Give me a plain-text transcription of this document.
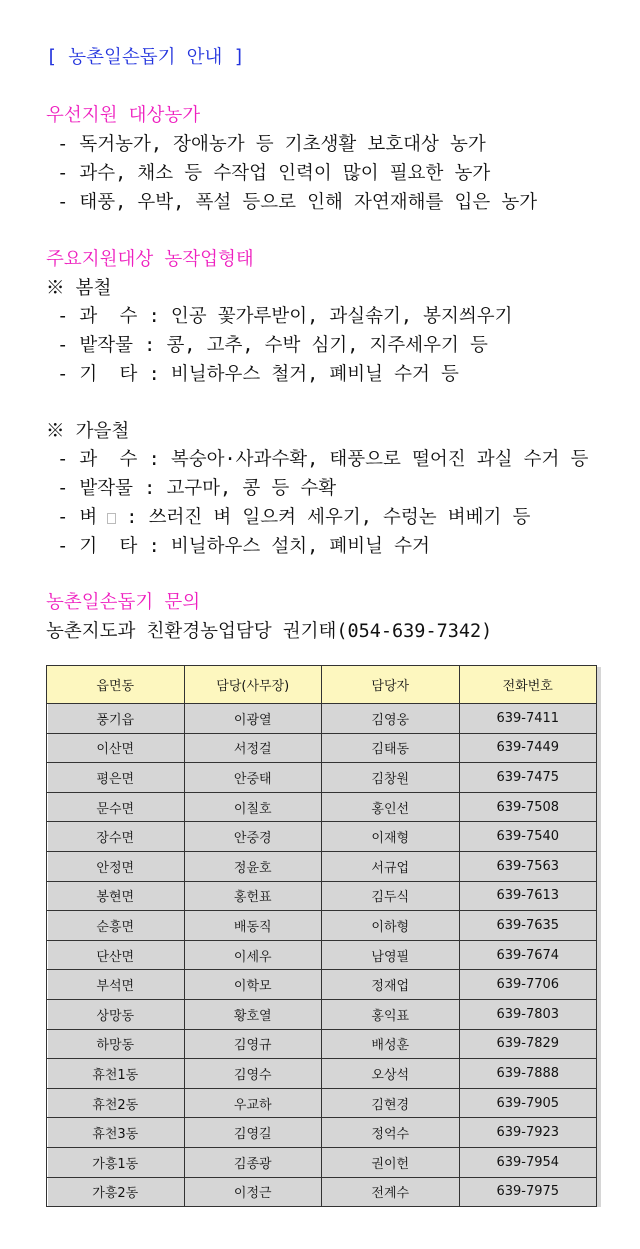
[ 농촌일손돕기 안내 ]
우선지원 대상농가
- 독거농가, 장애농가 등 기초생활 보호대상 농가
- 과수, 채소 등 수작업 인력이 많이 필요한 농가
- 태풍, 우박, 폭설 등으로 인해 자연재해를 입은 농가
주요지원대상 농작업형태
※ 봄철
- 과  수 : 인공 꽃가루받이, 과실솎기, 봉지씌우기
- 밭작물 : 콩, 고추, 수박 심기, 지주세우기 등
- 기  타 : 비닐하우스 철거, 폐비닐 수거 등
※ 가을철
- 과  수 : 복숭아·사과수확, 태풍으로 떨어진 과실 수거 등
- 밭작물 : 고구마, 콩 등 수확
- 벼 : 쓰러진 벼 일으켜 세우기, 수렁논 벼베기 등
- 기  타 : 비닐하우스 설치, 폐비닐 수거
농촌일손돕기 문의
농촌지도과 친환경농업담당 권기태(054-639-7342)
읍면동	담당(사무장)	담당자	전화번호
풍기읍	이광열	김영웅	639-7411
이산면	서정걸	김태동	639-7449
평은면	안중태	김창원	639-7475
문수면	이칠호	홍인선	639-7508
장수면	안중경	이재형	639-7540
안정면	정윤호	서규업	639-7563
봉현면	홍헌표	김두식	639-7613
순흥면	배동직	이하형	639-7635
단산면	이세우	남영필	639-7674
부석면	이학모	정재업	639-7706
상망동	황호열	홍익표	639-7803
하망동	김영규	배성훈	639-7829
휴천1동	김영수	오상석	639-7888
휴천2동	우교하	김현경	639-7905
휴천3동	김영길	정억수	639-7923
가흥1동	김종광	권이헌	639-7954
가흥2동	이정근	전계수	639-7975
